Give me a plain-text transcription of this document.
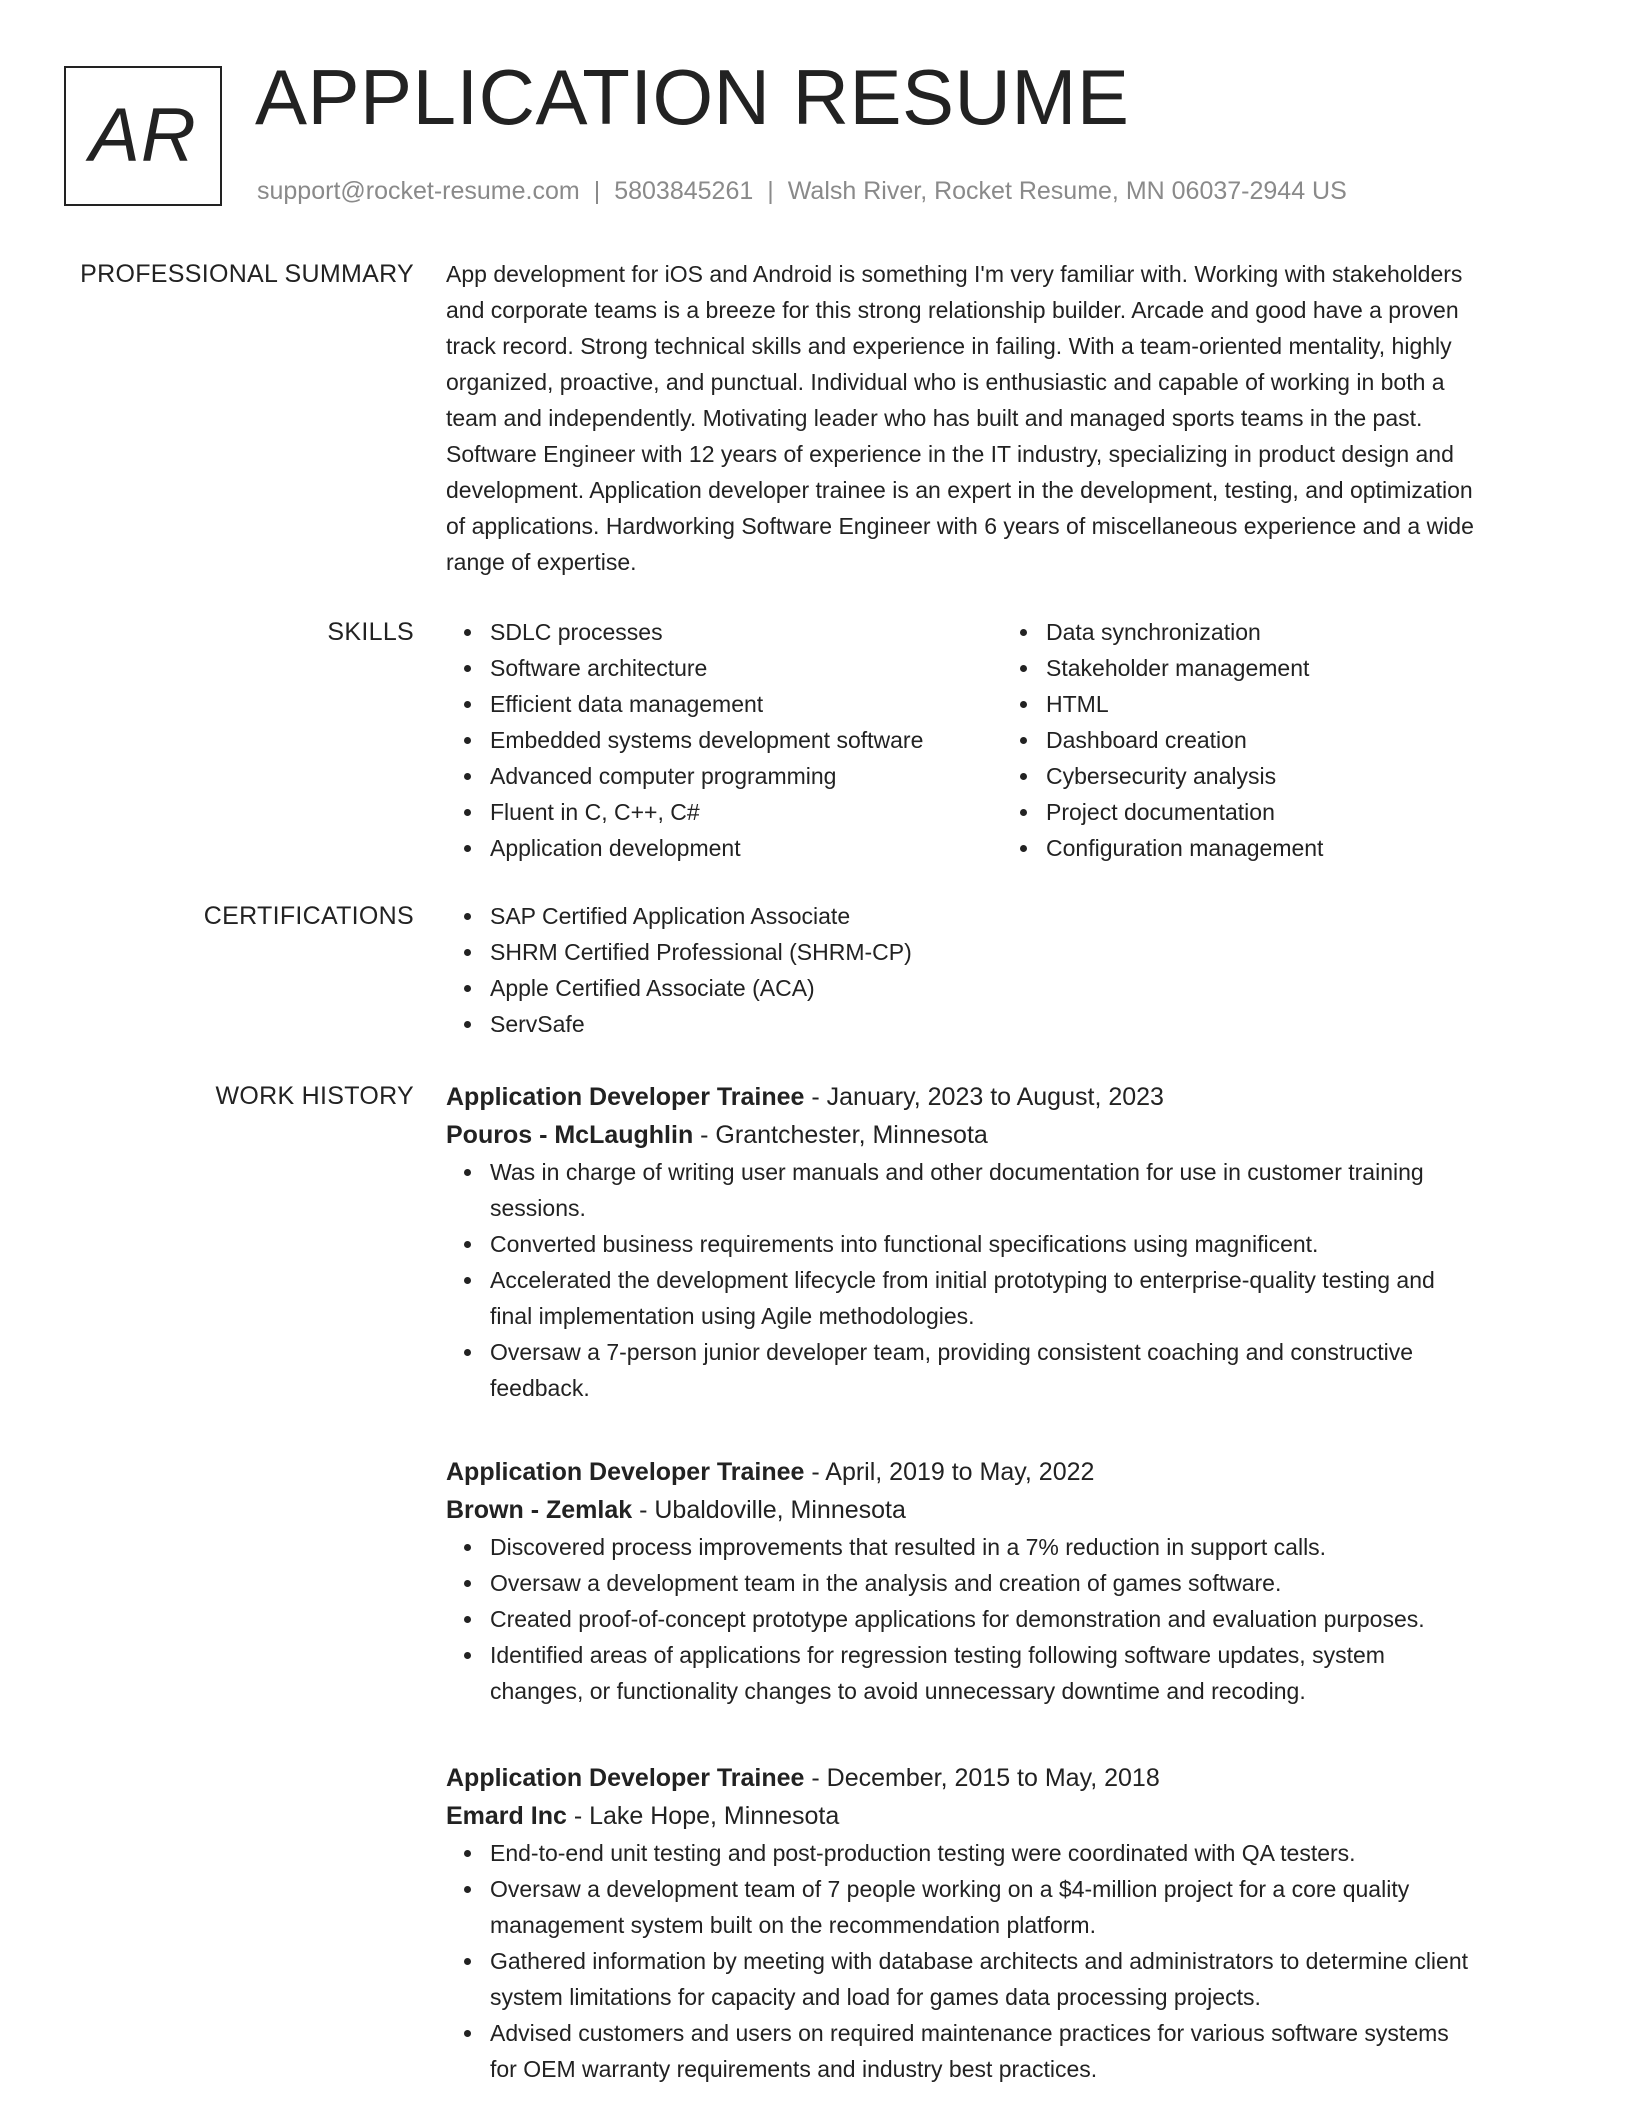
AR APPLICATION RESUME
support@rocket-resume.com | 5803845261 | Walsh River, Rocket Resume, MN 06037-2944 US
PROFESSIONAL SUMMARY App development for iOS and Android is something I'm very familiar with. Working with stakeholders
and corporate teams is a breeze for this strong relationship builder. Arcade and good have a proven
track record. Strong technical skills and experience in failing. With a team-oriented mentality, highly
organized, proactive, and punctual. Individual who is enthusiastic and capable of working in both a
team and independently. Motivating leader who has built and managed sports teams in the past.
Software Engineer with 12 years of experience in the IT industry, specializing in product design and
development. Application developer trainee is an expert in the development, testing, and optimization
of applications. Hardworking Software Engineer with 6 years of miscellaneous experience and a wide
range of expertise.
SKILLS	SDLC processes
Software architecture
Efficient data management
Embedded systems development software
Advanced computer programming
Fluent in C, C++, C#
Application development
Data synchronization
Stakeholder management
HTML
Dashboard creation
Cybersecurity analysis
Project documentation
Configuration management
CERTIFICATIONS	SAP Certified Application Associate
SHRM Certified Professional (SHRM-CP)
Apple Certified Associate (ACA)
ServSafe
WORK HISTORY Application Developer Trainee - January, 2023 to August, 2023
Pouros - McLaughlin - Grantchester, Minnesota
Was in charge of writing user manuals and other documentation for use in customer training
sessions.
Converted business requirements into functional specifications using magnificent.
Accelerated the development lifecycle from initial prototyping to enterprise-quality testing and
final implementation using Agile methodologies.
Oversaw a 7-person junior developer team, providing consistent coaching and constructive
feedback.
Application Developer Trainee - April, 2019 to May, 2022
Brown - Zemlak - Ubaldoville, Minnesota
Discovered process improvements that resulted in a 7% reduction in support calls.
Oversaw a development team in the analysis and creation of games software.
Created proof-of-concept prototype applications for demonstration and evaluation purposes.
Identified areas of applications for regression testing following software updates, system
changes, or functionality changes to avoid unnecessary downtime and recoding.
Application Developer Trainee - December, 2015 to May, 2018
Emard Inc - Lake Hope, Minnesota
End-to-end unit testing and post-production testing were coordinated with QA testers.
Oversaw a development team of 7 people working on a $4-million project for a core quality
management system built on the recommendation platform.
Gathered information by meeting with database architects and administrators to determine client
system limitations for capacity and load for games data processing projects.
Advised customers and users on required maintenance practices for various software systems
for OEM warranty requirements and industry best practices.
